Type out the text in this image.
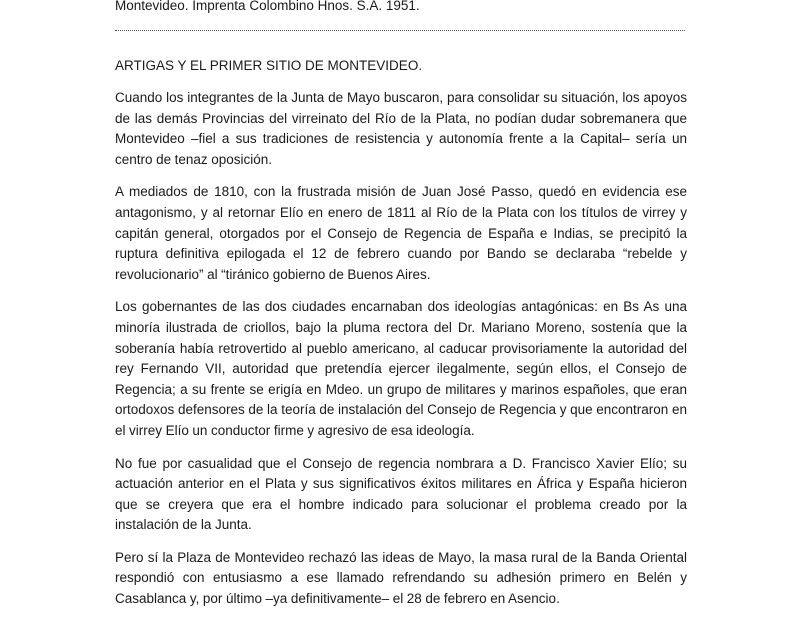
Montevideo. Imprenta Colombino Hnos. S.A. 1951.

ARTIGAS Y EL PRIMER SITIO DE MONTEVIDEO.

Cuando los integrantes de la Junta de Mayo buscaron, para consolidar su situación, los apoyos de las demás Provincias del virreinato del Río de la Plata, no podían dudar sobremanera que Montevideo –fiel a sus tradiciones de resistencia y autonomía frente a la Capital– sería un centro de tenaz oposición.

A mediados de 1810, con la frustrada misión de Juan José Passo, quedó en evidencia ese antagonismo, y al retornar Elío en enero de 1811 al Río de la Plata con los títulos de virrey y capitán general, otorgados por el Consejo de Regencia de España e Indias, se precipitó la ruptura definitiva epilogada el 12 de febrero cuando por Bando se declaraba “rebelde y revolucionario” al “tiránico gobierno de Buenos Aires.

Los gobernantes de las dos ciudades encarnaban dos ideologías antagónicas: en Bs As una minoría ilustrada de criollos, bajo la pluma rectora del Dr. Mariano Moreno, sostenía que la soberanía había retrovertido al pueblo americano, al caducar provisoriamente la autoridad del rey Fernando VII, autoridad que pretendía ejercer ilegalmente, según ellos, el Consejo de Regencia; a su frente se erigía en Mdeo. un grupo de militares y marinos españoles, que eran ortodoxos defensores de la teoría de instalación del Consejo de Regencia y que encontraron en el virrey Elío un conductor firme y agresivo de esa ideología.

No fue por casualidad que el Consejo de regencia nombrara a D. Francisco Xavier Elío; su actuación anterior en el Plata y sus significativos éxitos militares en África y España hicieron que se creyera que era el hombre indicado para solucionar el problema creado por la instalación de la Junta.

Pero sí la Plaza de Montevideo rechazó las ideas de Mayo, la masa rural de la Banda Oriental respondió con entusiasmo a ese llamado refrendando su adhesión primero en Belén y Casablanca y, por último –ya definitivamente– el 28 de febrero en Asencio.
